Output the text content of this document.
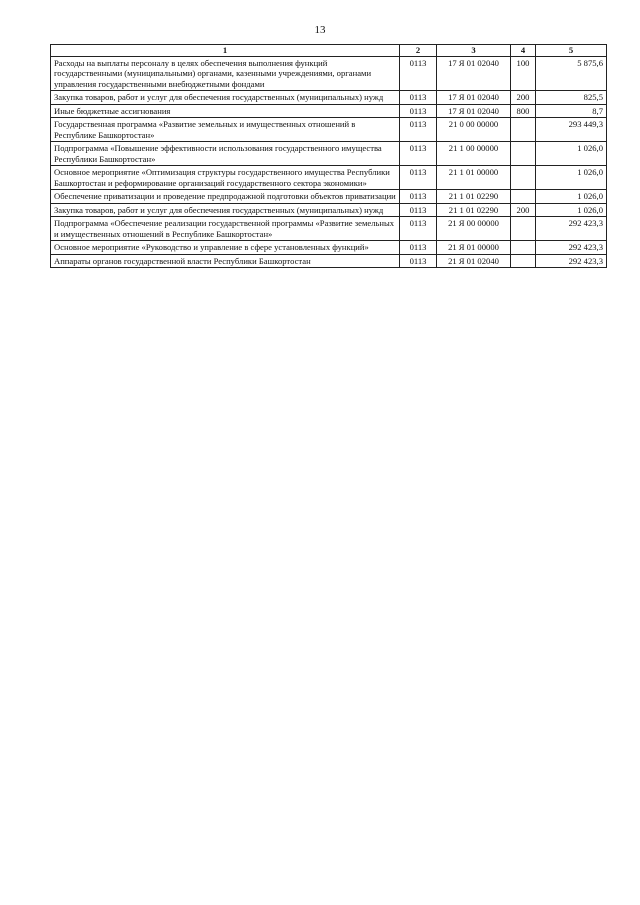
13
1	2	3	4	5
Расходы на выплаты персоналу в целях обеспечения выполнения функций государственными (муниципальными) органами, казенными учреждениями, органами управления государственными внебюджетными фондами	0113	17 Я 01 02040	100	5 875,6
Закупка товаров, работ и услуг для обеспечения государственных (муниципальных) нужд	0113	17 Я 01 02040	200	825,5
Иные бюджетные ассигнования	0113	17 Я 01 02040	800	8,7
Государственная программа «Развитие земельных и имущественных отношений в Республике Башкортостан»	0113	21 0 00 00000		293 449,3
Подпрограмма «Повышение эффективности использования государственного имущества Республики Башкортостан»	0113	21 1 00 00000		1 026,0
Основное мероприятие «Оптимизация структуры государственного имущества Республики Башкортостан и реформирование организаций государственного сектора экономики»	0113	21 1 01 00000		1 026,0
Обеспечение приватизации и проведение предпродажной подготовки объектов приватизации	0113	21 1 01 02290		1 026,0
Закупка товаров, работ и услуг для обеспечения государственных (муниципальных) нужд	0113	21 1 01 02290	200	1 026,0
Подпрограмма «Обеспечение реализации государственной программы «Развитие земельных и имущественных отношений в Республике Башкортостан»	0113	21 Я 00 00000		292 423,3
Основное мероприятие «Руководство и управление в сфере установленных функций»	0113	21 Я 01 00000		292 423,3
Аппараты органов государственной власти Республики Башкортостан	0113	21 Я 01 02040		292 423,3
